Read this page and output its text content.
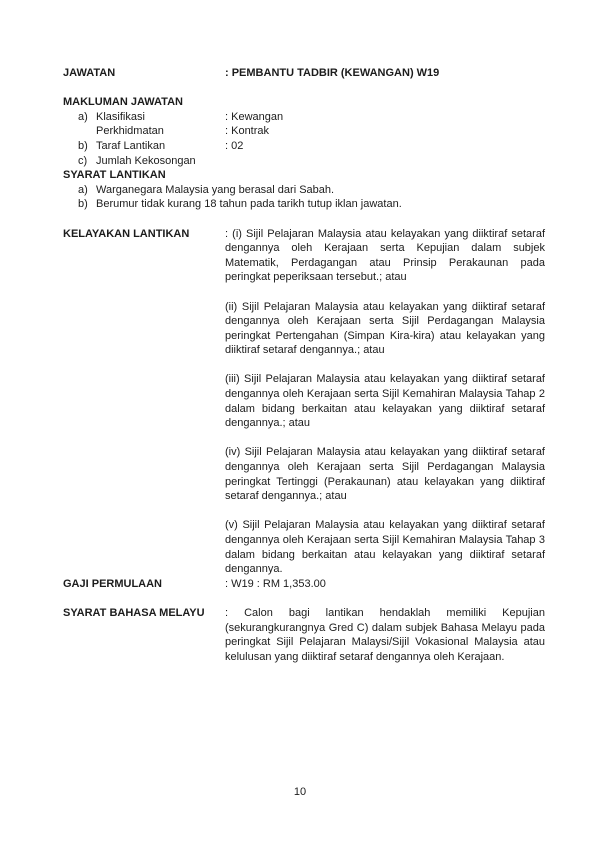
JAWATAN	: PEMBANTU TADBIR (KEWANGAN) W19
MAKLUMAN JAWATAN
a) Klasifikasi	: Kewangan
Perkhidmatan	: Kontrak
b) Taraf Lantikan	: 02
c) Jumlah Kekosongan
SYARAT LANTIKAN
a) Warganegara Malaysia yang berasal dari Sabah.
b) Berumur tidak kurang 18 tahun pada tarikh tutup iklan jawatan.
KELAYAKAN LANTIKAN	: (i) Sijil Pelajaran Malaysia atau kelayakan yang diiktiraf setaraf dengannya oleh Kerajaan serta Kepujian dalam subjek Matematik, Perdagangan atau Prinsip Perakaunan pada peringkat peperiksaan tersebut.; atau

(ii) Sijil Pelajaran Malaysia atau kelayakan yang diiktiraf setaraf dengannya oleh Kerajaan serta Sijil Perdagangan Malaysia peringkat Pertengahan (Simpan Kira-kira) atau kelayakan yang diiktiraf setaraf dengannya.; atau

(iii) Sijil Pelajaran Malaysia atau kelayakan yang diiktiraf setaraf dengannya oleh Kerajaan serta Sijil Kemahiran Malaysia Tahap 2 dalam bidang berkaitan atau kelayakan yang diiktiraf setaraf dengannya.; atau

(iv) Sijil Pelajaran Malaysia atau kelayakan yang diiktiraf setaraf dengannya oleh Kerajaan serta Sijil Perdagangan Malaysia peringkat Tertinggi (Perakaunan) atau kelayakan yang diiktiraf setaraf dengannya.; atau

(v) Sijil Pelajaran Malaysia atau kelayakan yang diiktiraf setaraf dengannya oleh Kerajaan serta Sijil Kemahiran Malaysia Tahap 3 dalam bidang berkaitan atau kelayakan yang diiktiraf setaraf dengannya.

GAJI PERMULAAN	: W19 : RM 1,353.00
SYARAT BAHASA MELAYU	: Calon bagi lantikan hendaklah memiliki Kepujian (sekurangkurangnya Gred C) dalam subjek Bahasa Melayu pada peringkat Sijil Pelajaran Malaysi/Sijil Vokasional Malaysia atau kelulusan yang diiktiraf setaraf dengannya oleh Kerajaan.
10
